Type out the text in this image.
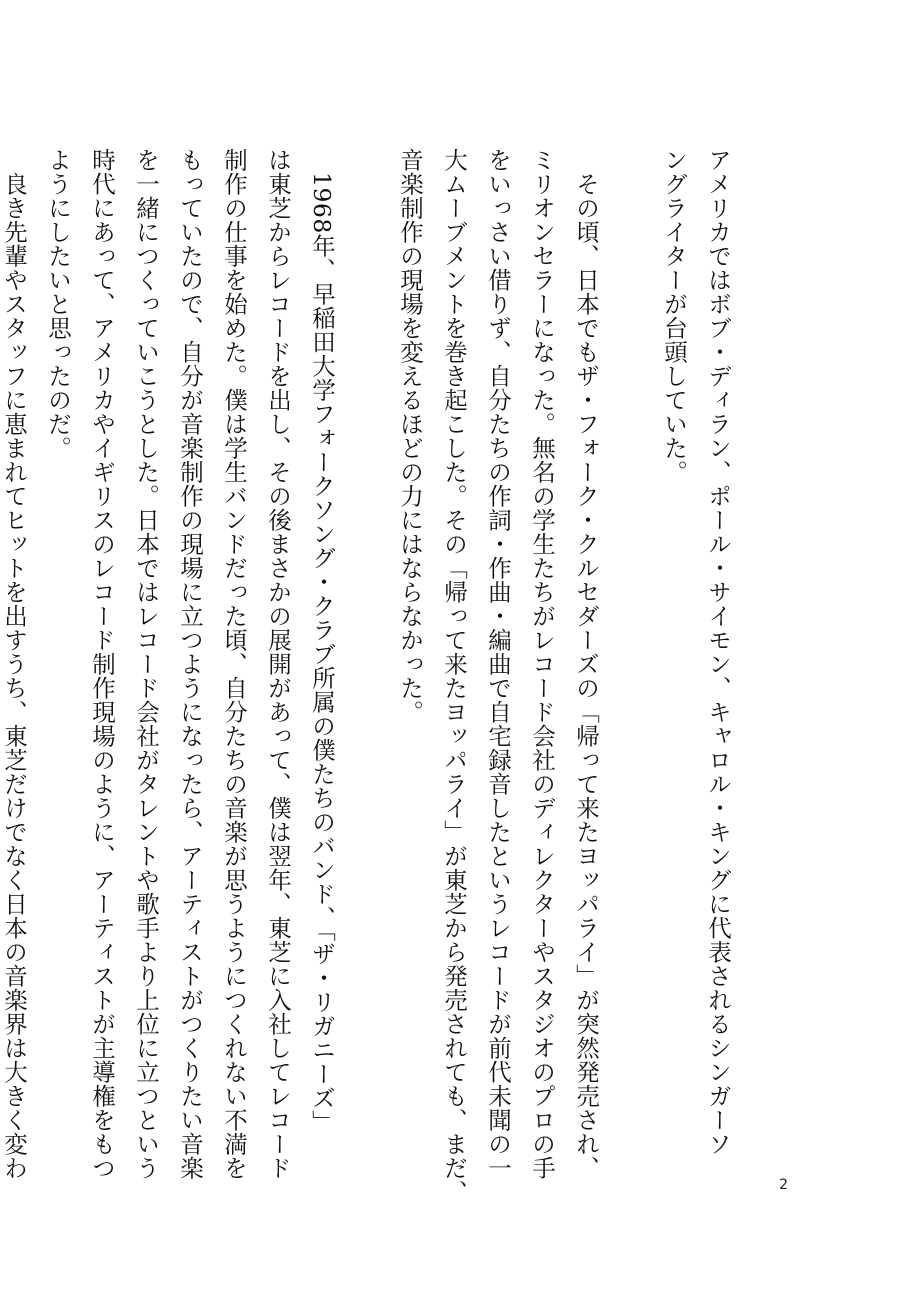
アメリカではボブ・ディラン、ポール・サイモン、キャロル・キングに代表されるシンガーソ
ングライターが台頭していた。

　その頃、日本でもザ・フォーク・クルセダーズの「帰って来たヨッパライ」が突然発売され、
ミリオンセラーになった。無名の学生たちがレコード会社のディレクターやスタジオのプロの手
をいっさい借りず、自分たちの作詞・作曲・編曲で自宅録音したというレコードが前代未聞の一
大ムーブメントを巻き起こした。その「帰って来たヨッパライ」が東芝から発売されても、まだ、
音楽制作の現場を変えるほどの力にはならなかった。

　1968年、早稲田大学フォークソング・クラブ所属の僕たちのバンド、「ザ・リガニーズ」
は東芝からレコードを出し、その後まさかの展開があって、僕は翌年、東芝に入社してレコード
制作の仕事を始めた。僕は学生バンドだった頃、自分たちの音楽が思うようにつくれない不満を
もっていたので、自分が音楽制作の現場に立つようになったら、アーティストがつくりたい音楽
を一緒につくっていこうとした。日本ではレコード会社がタレントや歌手より上位に立つという
時代にあって、アメリカやイギリスのレコード制作現場のように、アーティストが主導権をもつ
ようにしたいと思ったのだ。

　良き先輩やスタッフに恵まれてヒットを出すうち、東芝だけでなく日本の音楽界は大きく変わ

2
